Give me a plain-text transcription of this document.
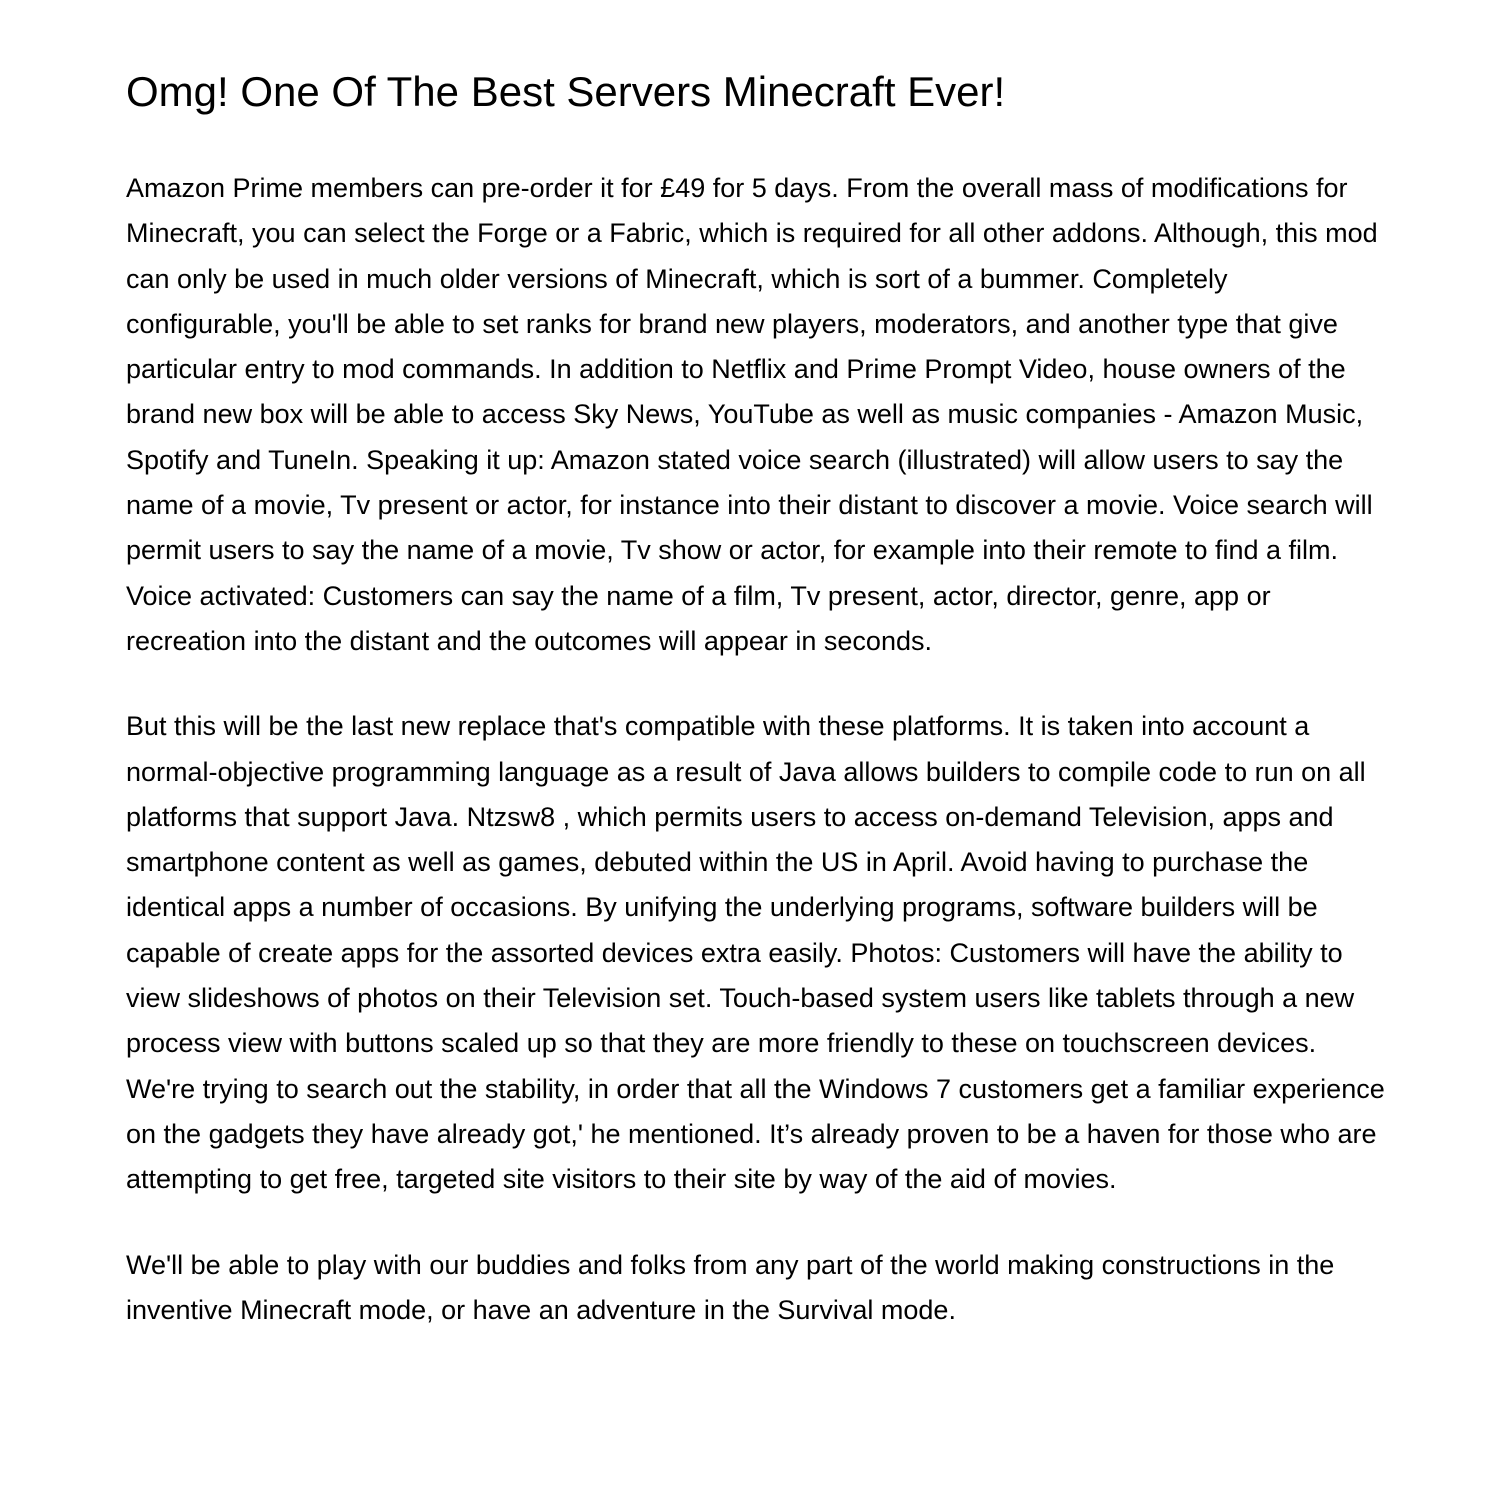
Omg! One Of The Best Servers Minecraft Ever!

Amazon Prime members can pre-order it for £49 for 5 days. From the overall mass of modifications for Minecraft, you can select the Forge or a Fabric, which is required for all other addons. Although, this mod can only be used in much older versions of Minecraft, which is sort of a bummer. Completely configurable, you'll be able to set ranks for brand new players, moderators, and another type that give particular entry to mod commands. In addition to Netflix and Prime Prompt Video, house owners of the brand new box will be able to access Sky News, YouTube as well as music companies - Amazon Music, Spotify and TuneIn. Speaking it up: Amazon stated voice search (illustrated) will allow users to say the name of a movie, Tv present or actor, for instance into their distant to discover a movie. Voice search will permit users to say the name of a movie, Tv show or actor, for example into their remote to find a film. Voice activated: Customers can say the name of a film, Tv present, actor, director, genre, app or recreation into the distant and the outcomes will appear in seconds.

But this will be the last new replace that's compatible with these platforms. It is taken into account a normal-objective programming language as a result of Java allows builders to compile code to run on all platforms that support Java. Ntzsw8 , which permits users to access on-demand Television, apps and smartphone content as well as games, debuted within the US in April. Avoid having to purchase the identical apps a number of occasions. By unifying the underlying programs, software builders will be capable of create apps for the assorted devices extra easily. Photos: Customers will have the ability to view slideshows of photos on their Television set. Touch-based system users like tablets through a new process view with buttons scaled up so that they are more friendly to these on touchscreen devices. We're trying to search out the stability, in order that all the Windows 7 customers get a familiar experience on the gadgets they have already got,' he mentioned. It’s already proven to be a haven for those who are attempting to get free, targeted site visitors to their site by way of the aid of movies.

We'll be able to play with our buddies and folks from any part of the world making constructions in the inventive Minecraft mode, or have an adventure in the Survival mode.
